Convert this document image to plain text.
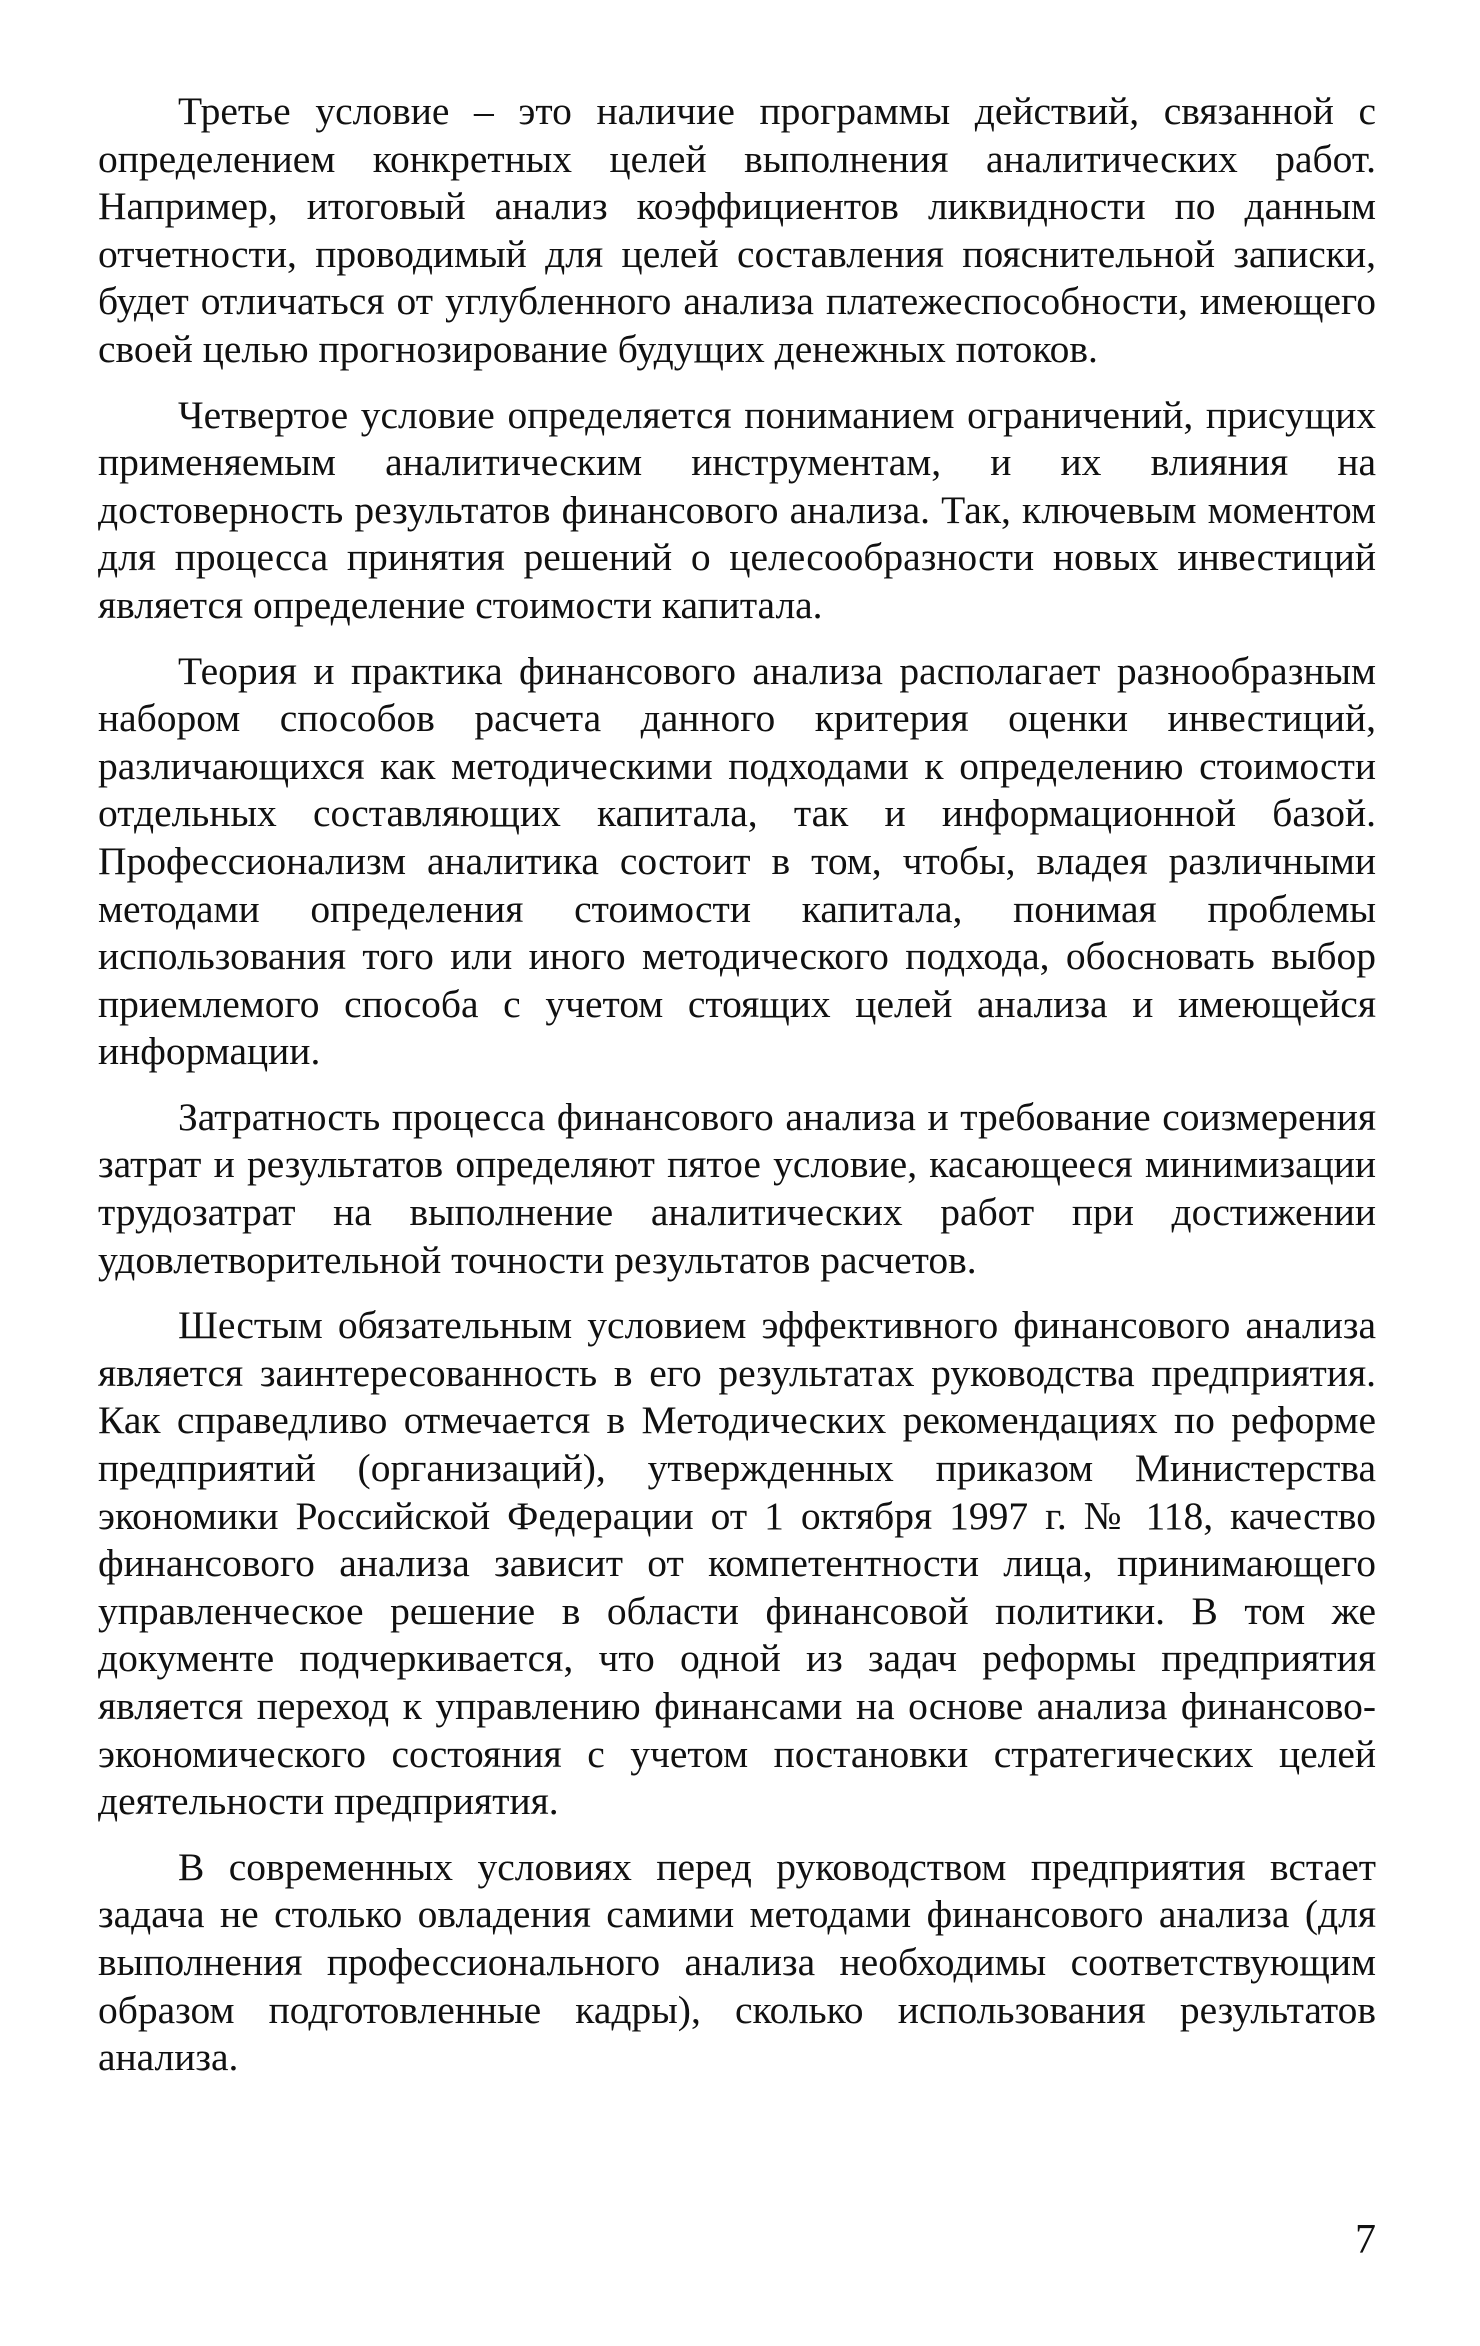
Третье условие – это наличие программы действий, связанной с определением конкретных целей выполнения аналитических работ. Например, итоговый анализ коэффициентов ликвидности по данным отчетности, проводимый для целей составления пояснительной записки, будет отличаться от углубленного анализа платежеспособности, имеющего своей целью прогнозирование будущих денежных потоков.

Четвертое условие определяется пониманием ограничений, присущих применяемым аналитическим инструментам, и их влияния на достоверность результатов финансового анализа. Так, ключевым моментом для процесса принятия решений о целесообразности новых инвестиций является определение стоимости капитала.

Теория и практика финансового анализа располагает разнообразным набором способов расчета данного критерия оценки инвестиций, различающихся как методическими подходами к определению стоимости отдельных составляющих капитала, так и информационной базой. Профессионализм аналитика состоит в том, чтобы, владея различными методами определения стоимости капитала, понимая проблемы использования того или иного методического подхода, обосновать выбор приемлемого способа с учетом стоящих целей анализа и имеющейся информации.

Затратность процесса финансового анализа и требование соизмерения затрат и результатов определяют пятое условие, касающееся минимизации трудозатрат на выполнение аналитических работ при достижении удовлетворительной точности результатов расчетов.

Шестым обязательным условием эффективного финансового анализа является заинтересованность в его результатах руководства предприятия. Как справедливо отмечается в Методических рекомендациях по реформе предприятий (организаций), утвержденных приказом Министерства экономики Российской Федерации от 1 октября 1997 г. № 118, качество финансового анализа зависит от компетентности лица, принимающего управленческое решение в области финансовой политики. В том же документе подчеркивается, что одной из задач реформы предприятия является переход к управлению финансами на основе анализа финансово-экономического состояния с учетом постановки стратегических целей деятельности предприятия.

В современных условиях перед руководством предприятия встает задача не столько овладения самими методами финансового анализа (для выполнения профессионального анализа необходимы соответствующим образом подготовленные кадры), сколько использования результатов анализа.

7
